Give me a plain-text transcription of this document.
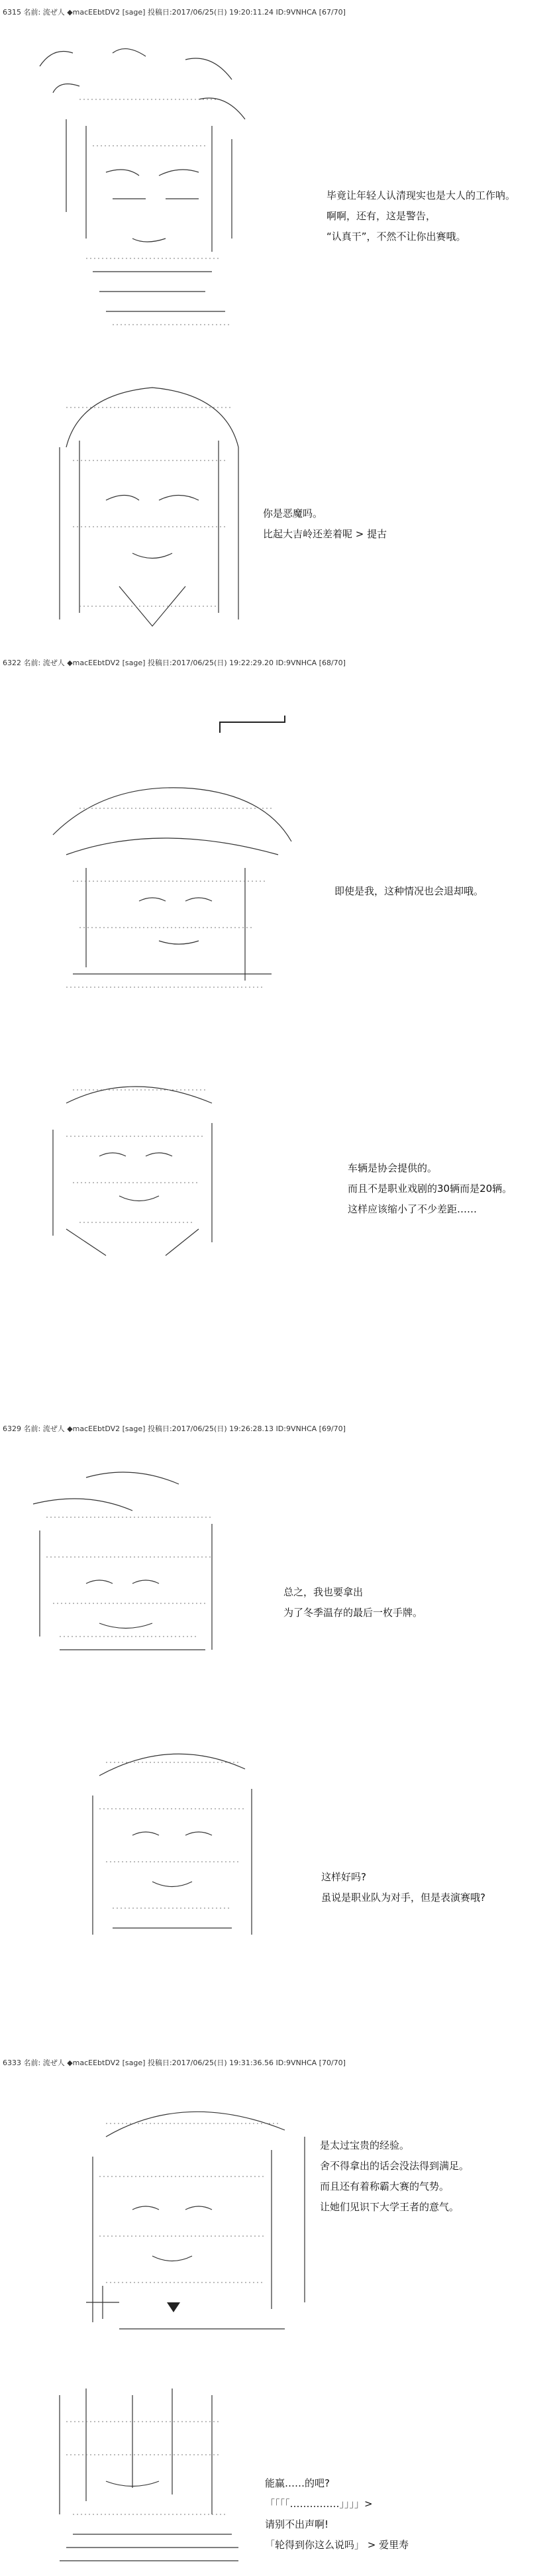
6315 名前: 流ぜ人 ◆macEEbtDV2 [sage] 投稿日:2017/06/25(日) 19:20:11.24 ID:9VNHCA [67/70]
6322 名前: 流ぜ人 ◆macEEbtDV2 [sage] 投稿日:2017/06/25(日) 19:22:29.20 ID:9VNHCA [68/70]
6329 名前: 流ぜ人 ◆macEEbtDV2 [sage] 投稿日:2017/06/25(日) 19:26:28.13 ID:9VNHCA [69/70]
6333 名前: 流ぜ人 ◆macEEbtDV2 [sage] 投稿日:2017/06/25(日) 19:31:36.56 ID:9VNHCA [70/70]
毕竟让年轻人认清现实也是大人的工作呐。
啊啊，还有，这是警告，
“认真干”，不然不让你出赛哦。
你是恶魔吗。
比起大吉岭还差着呢 > 提古
即使是我，这种情况也会退却哦。
车辆是协会提供的。
而且不是职业戏剧的30辆而是20辆。
这样应该缩小了不少差距……
总之，我也要拿出
为了冬季温存的最后一枚手牌。
这样好吗?
虽说是职业队为对手，但是表演赛哦?
是太过宝贵的经验。
舍不得拿出的话会没法得到满足。
而且还有着称霸大赛的气势。
让她们见识下大学王者的意气。
能赢……的吧?
「「「「……………」」」」>
请别不出声啊!
「轮得到你这么说吗」 > 爱里寿
